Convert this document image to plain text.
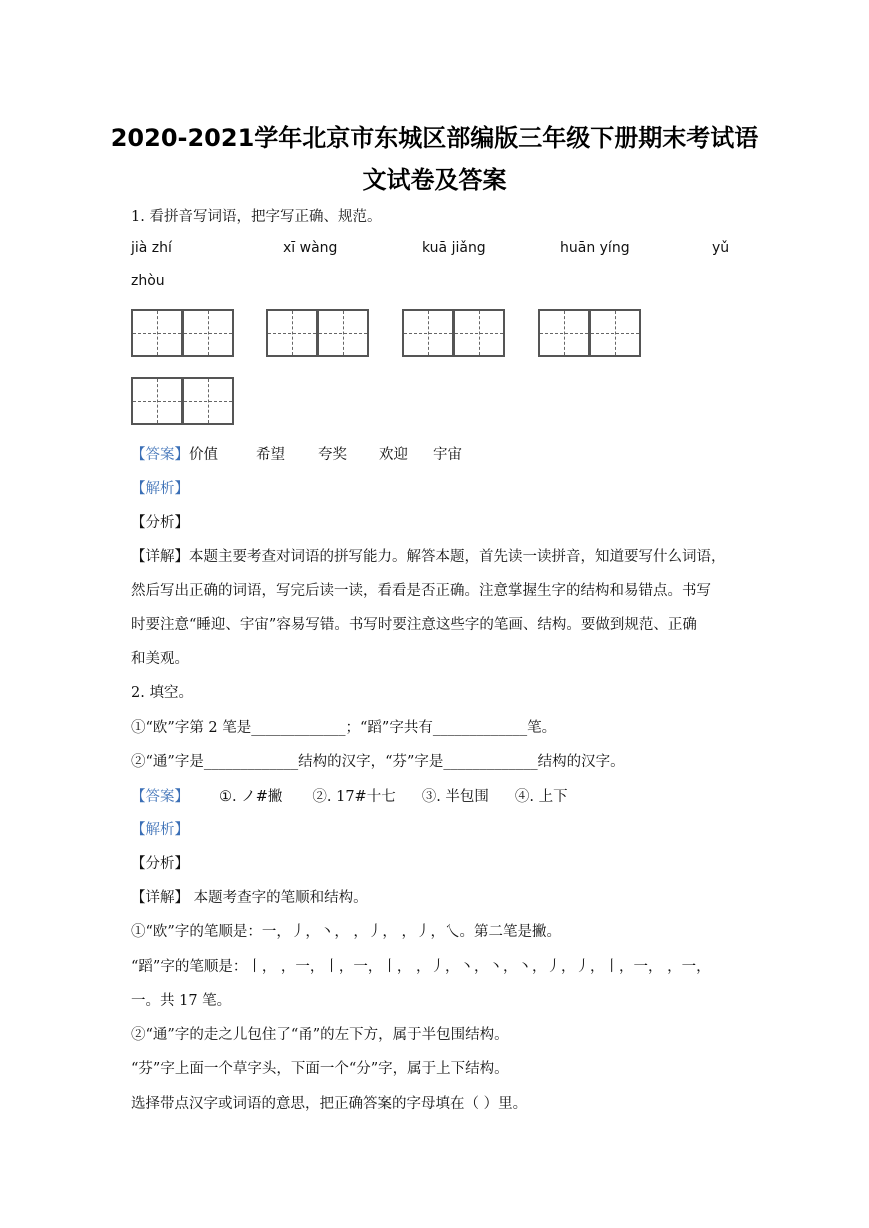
2020-2021学年北京市东城区部编版三年级下册期末考试语
文试卷及答案
1. 看拼音写词语，把字写正确、规范。
jià zhí	xī wàng	kuā jiǎng	huān yíng	yǔ
zhòu
【答案】价值	希望 夸奖 欢迎 宇宙
【解析】
【分析】
【详解】本题主要考查对词语的拼写能力。解答本题，首先读一读拼音，知道要写什么词语，
然后写出正确的词语，写完后读一读，看看是否正确。注意掌握生字的结构和易错点。书写
时要注意“睡迎、宇宙”容易写错。书写时要注意这些字的笔画、结构。要做到规范、正确
和美观。
2. 填空。
①“欧”字第 2 笔是_____________；“蹈”字共有_____________笔。
②“通”字是_____________结构的汉字，“芬”字是_____________结构的汉字。
【答案】 ①. ノ#撇 ②. 17#十七 ③. 半包围 ④. 上下
【解析】
【分析】
【详解】 本题考查字的笔顺和结构。
①“欧”字的笔顺是：一，丿，丶， ，丿， ，丿，乀。第二笔是撇。
“蹈”字的笔顺是：丨， ，一，丨，一，丨， ，丿，丶，丶，丶，丿，丿，丨，一， ，一，
一。共 17 笔。
②“通”字的走之儿包住了“甬”的左下方，属于半包围结构。
“芬”字上面一个草字头，下面一个“分”字，属于上下结构。
选择带点汉字或词语的意思，把正确答案的字母填在（ ）里。
